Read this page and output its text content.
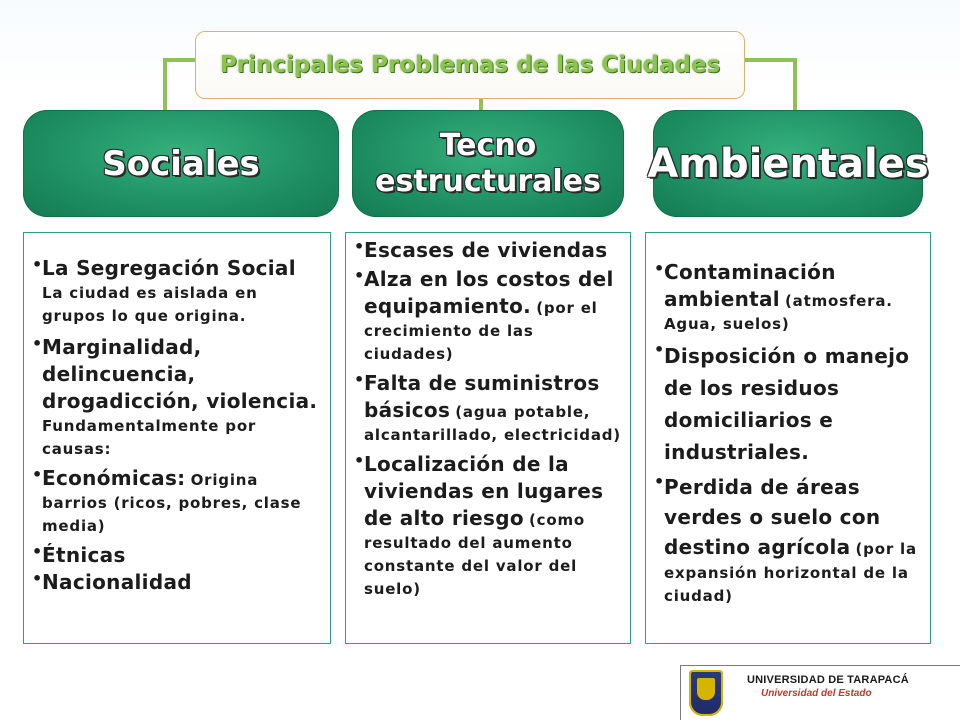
Principales Problemas de las Ciudades
Sociales	Tecno
estructurales Ambientales
• La Segregación Social
La ciudad es aislada en grupos lo que origina.
• Marginalidad, delincuencia, drogadicción, violencia.
Fundamentalmente por causas:
• Económicas: Origina barrios (ricos, pobres, clase media)
• Étnicas
• Nacionalidad
• Escases de viviendas
• Alza en los costos del equipamiento. (por el crecimiento de las ciudades)
• Falta de suministros básicos (agua potable, alcantarillado, electricidad)
• Localización de la viviendas en lugares de alto riesgo (como resultado del aumento constante del valor del suelo)
• Contaminación ambiental (atmosfera. Agua, suelos)
• Disposición o manejo de los residuos domiciliarios e industriales.
• Perdida de áreas verdes o suelo con destino agrícola (por la expansión horizontal de la ciudad)
UNIVERSIDAD DE TARAPACÁ
Universidad del Estado
